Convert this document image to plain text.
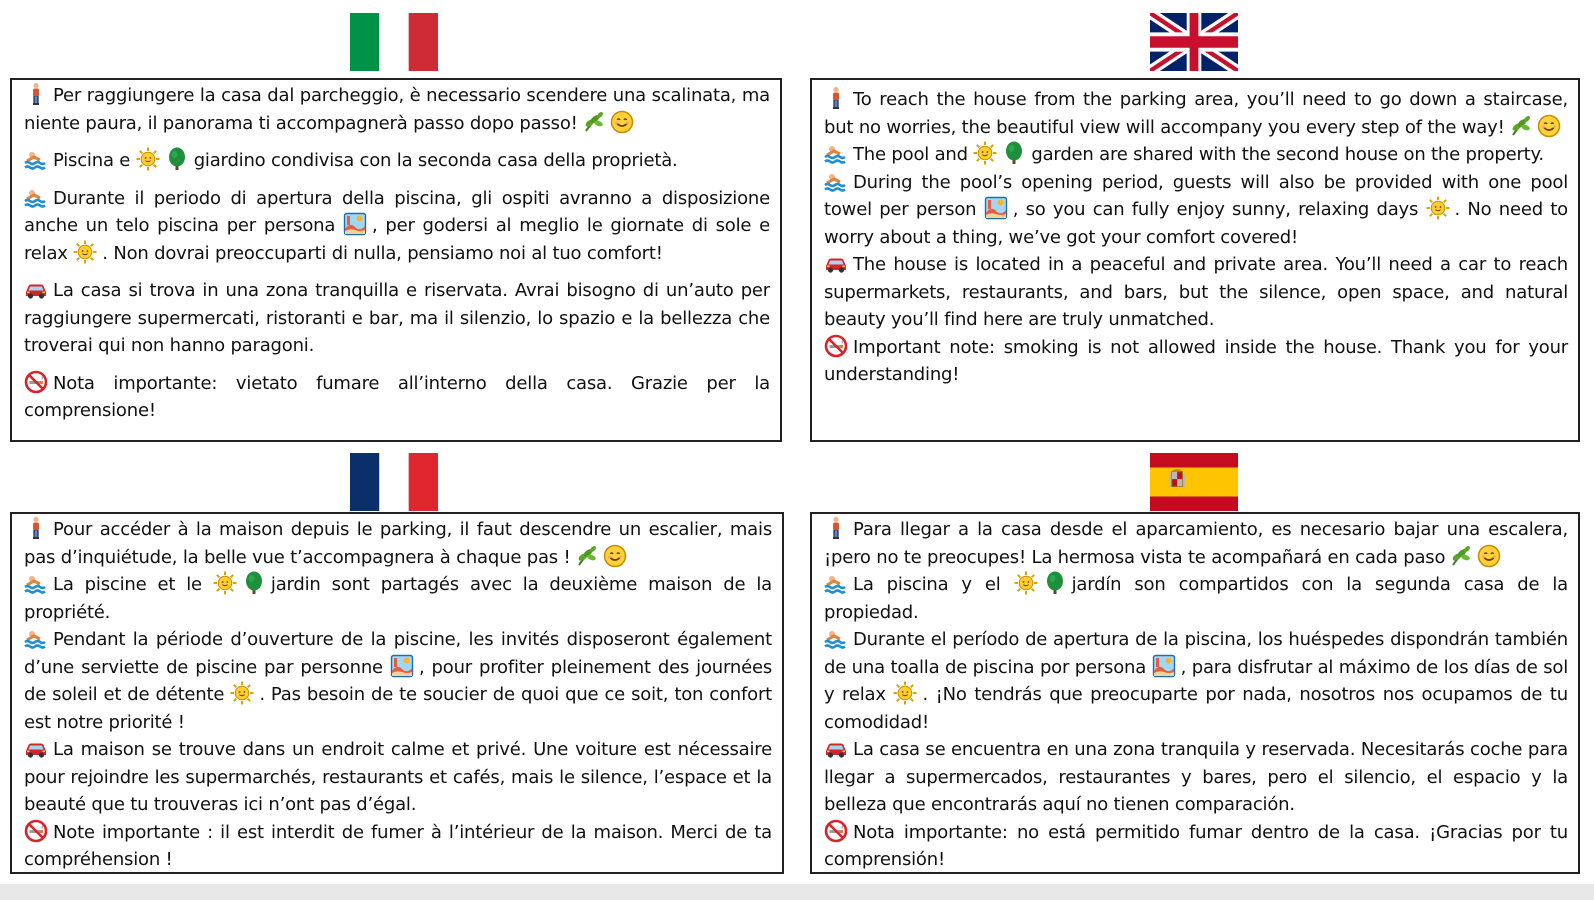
Per raggiungere la casa dal parcheggio, è necessario scendere una scalinata, ma niente paura, il panorama ti accompagnerà passo dopo passo!

Piscina e	giardino condivisa con la seconda casa della proprietà.

Durante il periodo di apertura della piscina, gli ospiti avranno a disposizione anche un telo piscina per persona , per godersi al meglio le giornate di sole e relax . Non dovrai preoccuparti di nulla, pensiamo noi al tuo comfort!

La casa si trova in una zona tranquilla e riservata. Avrai bisogno di un’auto per raggiungere supermercati, ristoranti e bar, ma il silenzio, lo spazio e la bellezza che troverai qui non hanno paragoni.

Nota importante: vietato fumare all’interno della casa. Grazie per la comprensione!

To reach the house from the parking area, you’ll need to go down a staircase, but no worries, the beautiful view will accompany you every step of the way!

The pool and	garden are shared with the second house on the property.

During the pool’s opening period, guests will also be provided with one pool towel per person , so you can fully enjoy sunny, relaxing days . No need to worry about a thing, we’ve got your comfort covered!

The house is located in a peaceful and private area. You’ll need a car to reach supermarkets, restaurants, and bars, but the silence, open space, and natural beauty you’ll find here are truly unmatched.

Important note: smoking is not allowed inside the house. Thank you for your understanding!

Pour accéder à la maison depuis le parking, il faut descendre un escalier, mais pas d’inquiétude, la belle vue t’accompagnera à chaque pas !

La piscine et le	jardin sont partagés avec la deuxième maison de la propriété.

Pendant la période d’ouverture de la piscine, les invités disposeront également d’une serviette de piscine par personne , pour profiter pleinement des journées de soleil et de détente . Pas besoin de te soucier de quoi que ce soit, ton confort est notre priorité !

La maison se trouve dans un endroit calme et privé. Une voiture est nécessaire pour rejoindre les supermarchés, restaurants et cafés, mais le silence, l’espace et la beauté que tu trouveras ici n’ont pas d’égal.

Note importante : il est interdit de fumer à l’intérieur de la maison. Merci de ta compréhension !

Para llegar a la casa desde el aparcamiento, es necesario bajar una escalera, ¡pero no te preocupes! La hermosa vista te acompañará en cada paso

La piscina y el	jardín son compartidos con la segunda casa de la propiedad.

Durante el período de apertura de la piscina, los huéspedes dispondrán también de una toalla de piscina por persona , para disfrutar al máximo de los días de sol y relax . ¡No tendrás que preocuparte por nada, nosotros nos ocupamos de tu comodidad!

La casa se encuentra en una zona tranquila y reservada. Necesitarás coche para llegar a supermercados, restaurantes y bares, pero el silencio, el espacio y la belleza que encontrarás aquí no tienen comparación.

Nota importante: no está permitido fumar dentro de la casa. ¡Gracias por tu comprensión!
